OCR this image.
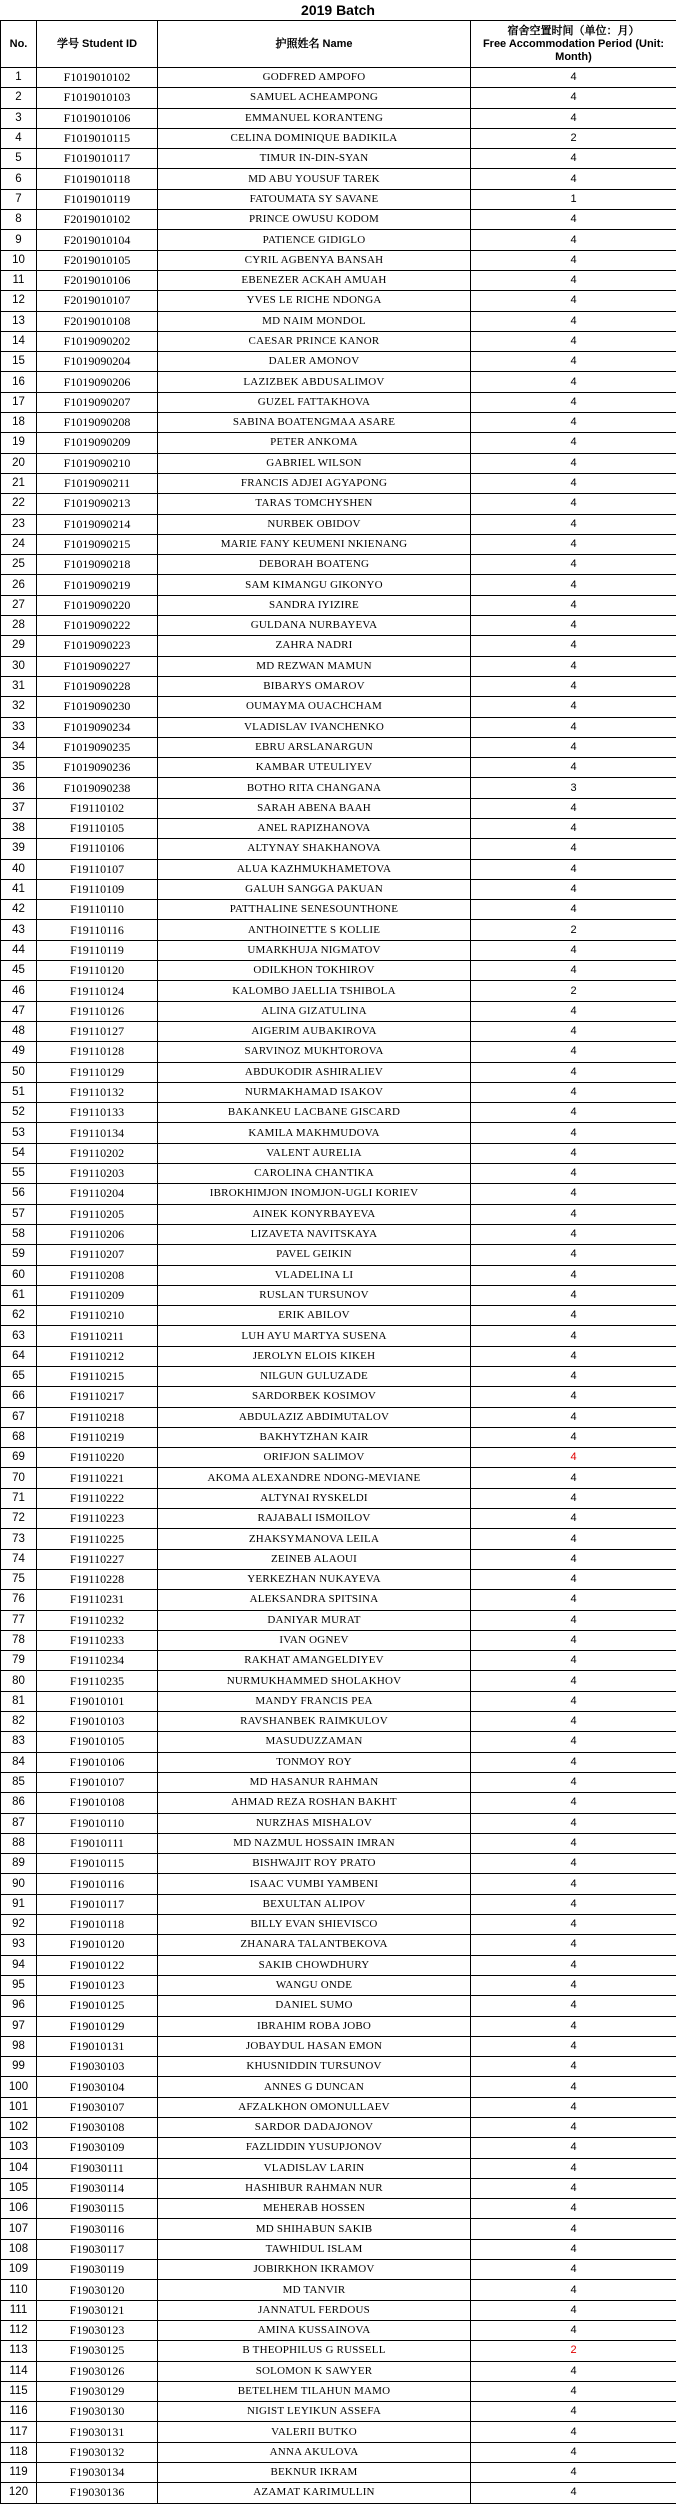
2019 Batch
No.	学号 Student ID	护照姓名 Name	宿舍空置时间（单位：月）
Free Accommodation Period (Unit: Month)

1	F1019010102	GODFRED AMPOFO	4
2	F1019010103	SAMUEL ACHEAMPONG	4
3	F1019010106	EMMANUEL KORANTENG	4
4	F1019010115	CELINA DOMINIQUE BADIKILA	2
5	F1019010117	TIMUR IN-DIN-SYAN	4
6	F1019010118	MD ABU YOUSUF TAREK	4
7	F1019010119	FATOUMATA SY SAVANE	1
8	F2019010102	PRINCE OWUSU KODOM	4
9	F2019010104	PATIENCE GIDIGLO	4
10	F2019010105	CYRIL AGBENYA BANSAH	4
11	F2019010106	EBENEZER ACKAH AMUAH	4
12	F2019010107	YVES LE RICHE NDONGA	4
13	F2019010108	MD NAIM MONDOL	4
14	F1019090202	CAESAR PRINCE KANOR	4
15	F1019090204	DALER AMONOV	4
16	F1019090206	LAZIZBEK ABDUSALIMOV	4
17	F1019090207	GUZEL FATTAKHOVA	4
18	F1019090208	SABINA BOATENGMAA ASARE	4
19	F1019090209	PETER ANKOMA	4
20	F1019090210	GABRIEL WILSON	4
21	F1019090211	FRANCIS ADJEI AGYAPONG	4
22	F1019090213	TARAS TOMCHYSHEN	4
23	F1019090214	NURBEK OBIDOV	4
24	F1019090215	MARIE FANY KEUMENI NKIENANG	4
25	F1019090218	DEBORAH BOATENG	4
26	F1019090219	SAM KIMANGU GIKONYO	4
27	F1019090220	SANDRA IYIZIRE	4
28	F1019090222	GULDANA NURBAYEVA	4
29	F1019090223	ZAHRA NADRI	4
30	F1019090227	MD REZWAN MAMUN	4
31	F1019090228	BIBARYS OMAROV	4
32	F1019090230	OUMAYMA OUACHCHAM	4
33	F1019090234	VLADISLAV IVANCHENKO	4
34	F1019090235	EBRU ARSLANARGUN	4
35	F1019090236	KAMBAR UTEULIYEV	4
36	F1019090238	BOTHO RITA CHANGANA	3
37	F19110102	SARAH ABENA BAAH	4
38	F19110105	ANEL RAPIZHANOVA	4
39	F19110106	ALTYNAY SHAKHANOVA	4
40	F19110107	ALUA KAZHMUKHAMETOVA	4
41	F19110109	GALUH SANGGA PAKUAN	4
42	F19110110	PATTHALINE SENESOUNTHONE	4
43	F19110116	ANTHOINETTE S KOLLIE	2
44	F19110119	UMARKHUJA NIGMATOV	4
45	F19110120	ODILKHON TOKHIROV	4
46	F19110124	KALOMBO JAELLIA TSHIBOLA	2
47	F19110126	ALINA GIZATULINA	4
48	F19110127	AIGERIM AUBAKIROVA	4
49	F19110128	SARVINOZ MUKHTOROVA	4
50	F19110129	ABDUKODIR ASHIRALIEV	4
51	F19110132	NURMAKHAMAD ISAKOV	4
52	F19110133	BAKANKEU LACBANE GISCARD	4
53	F19110134	KAMILA MAKHMUDOVA	4
54	F19110202	VALENT AURELIA	4
55	F19110203	CAROLINA CHANTIKA	4
56	F19110204	IBROKHIMJON INOMJON-UGLI KORIEV	4
57	F19110205	AINEK KONYRBAYEVA	4
58	F19110206	LIZAVETA NAVITSKAYA	4
59	F19110207	PAVEL GEIKIN	4
60	F19110208	VLADELINA LI	4
61	F19110209	RUSLAN TURSUNOV	4
62	F19110210	ERIK ABILOV	4
63	F19110211	LUH AYU MARTYA SUSENA	4
64	F19110212	JEROLYN ELOIS KIKEH	4
65	F19110215	NILGUN GULUZADE	4
66	F19110217	SARDORBEK KOSIMOV	4
67	F19110218	ABDULAZIZ ABDIMUTALOV	4
68	F19110219	BAKHYTZHAN KAIR	4
69	F19110220	ORIFJON SALIMOV	4
70	F19110221	AKOMA ALEXANDRE NDONG-MEVIANE	4
71	F19110222	ALTYNAI RYSKELDI	4
72	F19110223	RAJABALI ISMOILOV	4
73	F19110225	ZHAKSYMANOVA LEILA	4
74	F19110227	ZEINEB ALAOUI	4
75	F19110228	YERKEZHAN NUKAYEVA	4
76	F19110231	ALEKSANDRA SPITSINA	4
77	F19110232	DANIYAR MURAT	4
78	F19110233	IVAN OGNEV	4
79	F19110234	RAKHAT AMANGELDIYEV	4
80	F19110235	NURMUKHAMMED SHOLAKHOV	4
81	F19010101	MANDY FRANCIS PEA	4
82	F19010103	RAVSHANBEK RAIMKULOV	4
83	F19010105	MASUDUZZAMAN	4
84	F19010106	TONMOY ROY	4
85	F19010107	MD HASANUR RAHMAN	4
86	F19010108	AHMAD REZA ROSHAN BAKHT	4
87	F19010110	NURZHAS MISHALOV	4
88	F19010111	MD NAZMUL HOSSAIN IMRAN	4
89	F19010115	BISHWAJIT ROY PRATO	4
90	F19010116	ISAAC VUMBI YAMBENI	4
91	F19010117	BEXULTAN ALIPOV	4
92	F19010118	BILLY EVAN SHIEVISCO	4
93	F19010120	ZHANARA TALANTBEKOVA	4
94	F19010122	SAKIB CHOWDHURY	4
95	F19010123	WANGU ONDE	4
96	F19010125	DANIEL SUMO	4
97	F19010129	IBRAHIM ROBA JOBO	4
98	F19010131	JOBAYDUL HASAN EMON	4
99	F19030103	KHUSNIDDIN TURSUNOV	4
100	F19030104	ANNES G DUNCAN	4
101	F19030107	AFZALKHON OMONULLAEV	4
102	F19030108	SARDOR DADAJONOV	4
103	F19030109	FAZLIDDIN YUSUPJONOV	4
104	F19030111	VLADISLAV LARIN	4
105	F19030114	HASHIBUR RAHMAN NUR	4
106	F19030115	MEHERAB HOSSEN	4
107	F19030116	MD SHIHABUN SAKIB	4
108	F19030117	TAWHIDUL ISLAM	4
109	F19030119	JOBIRKHON IKRAMOV	4
110	F19030120	MD TANVIR	4
111	F19030121	JANNATUL FERDOUS	4
112	F19030123	AMINA KUSSAINOVA	4
113	F19030125	B THEOPHILUS G RUSSELL	2
114	F19030126	SOLOMON K SAWYER	4
115	F19030129	BETELHEM TILAHUN MAMO	4
116	F19030130	NIGIST LEYIKUN ASSEFA	4
117	F19030131	VALERII BUTKO	4
118	F19030132	ANNA AKULOVA	4
119	F19030134	BEKNUR IKRAM	4
120	F19030136	AZAMAT KARIMULLIN	4
